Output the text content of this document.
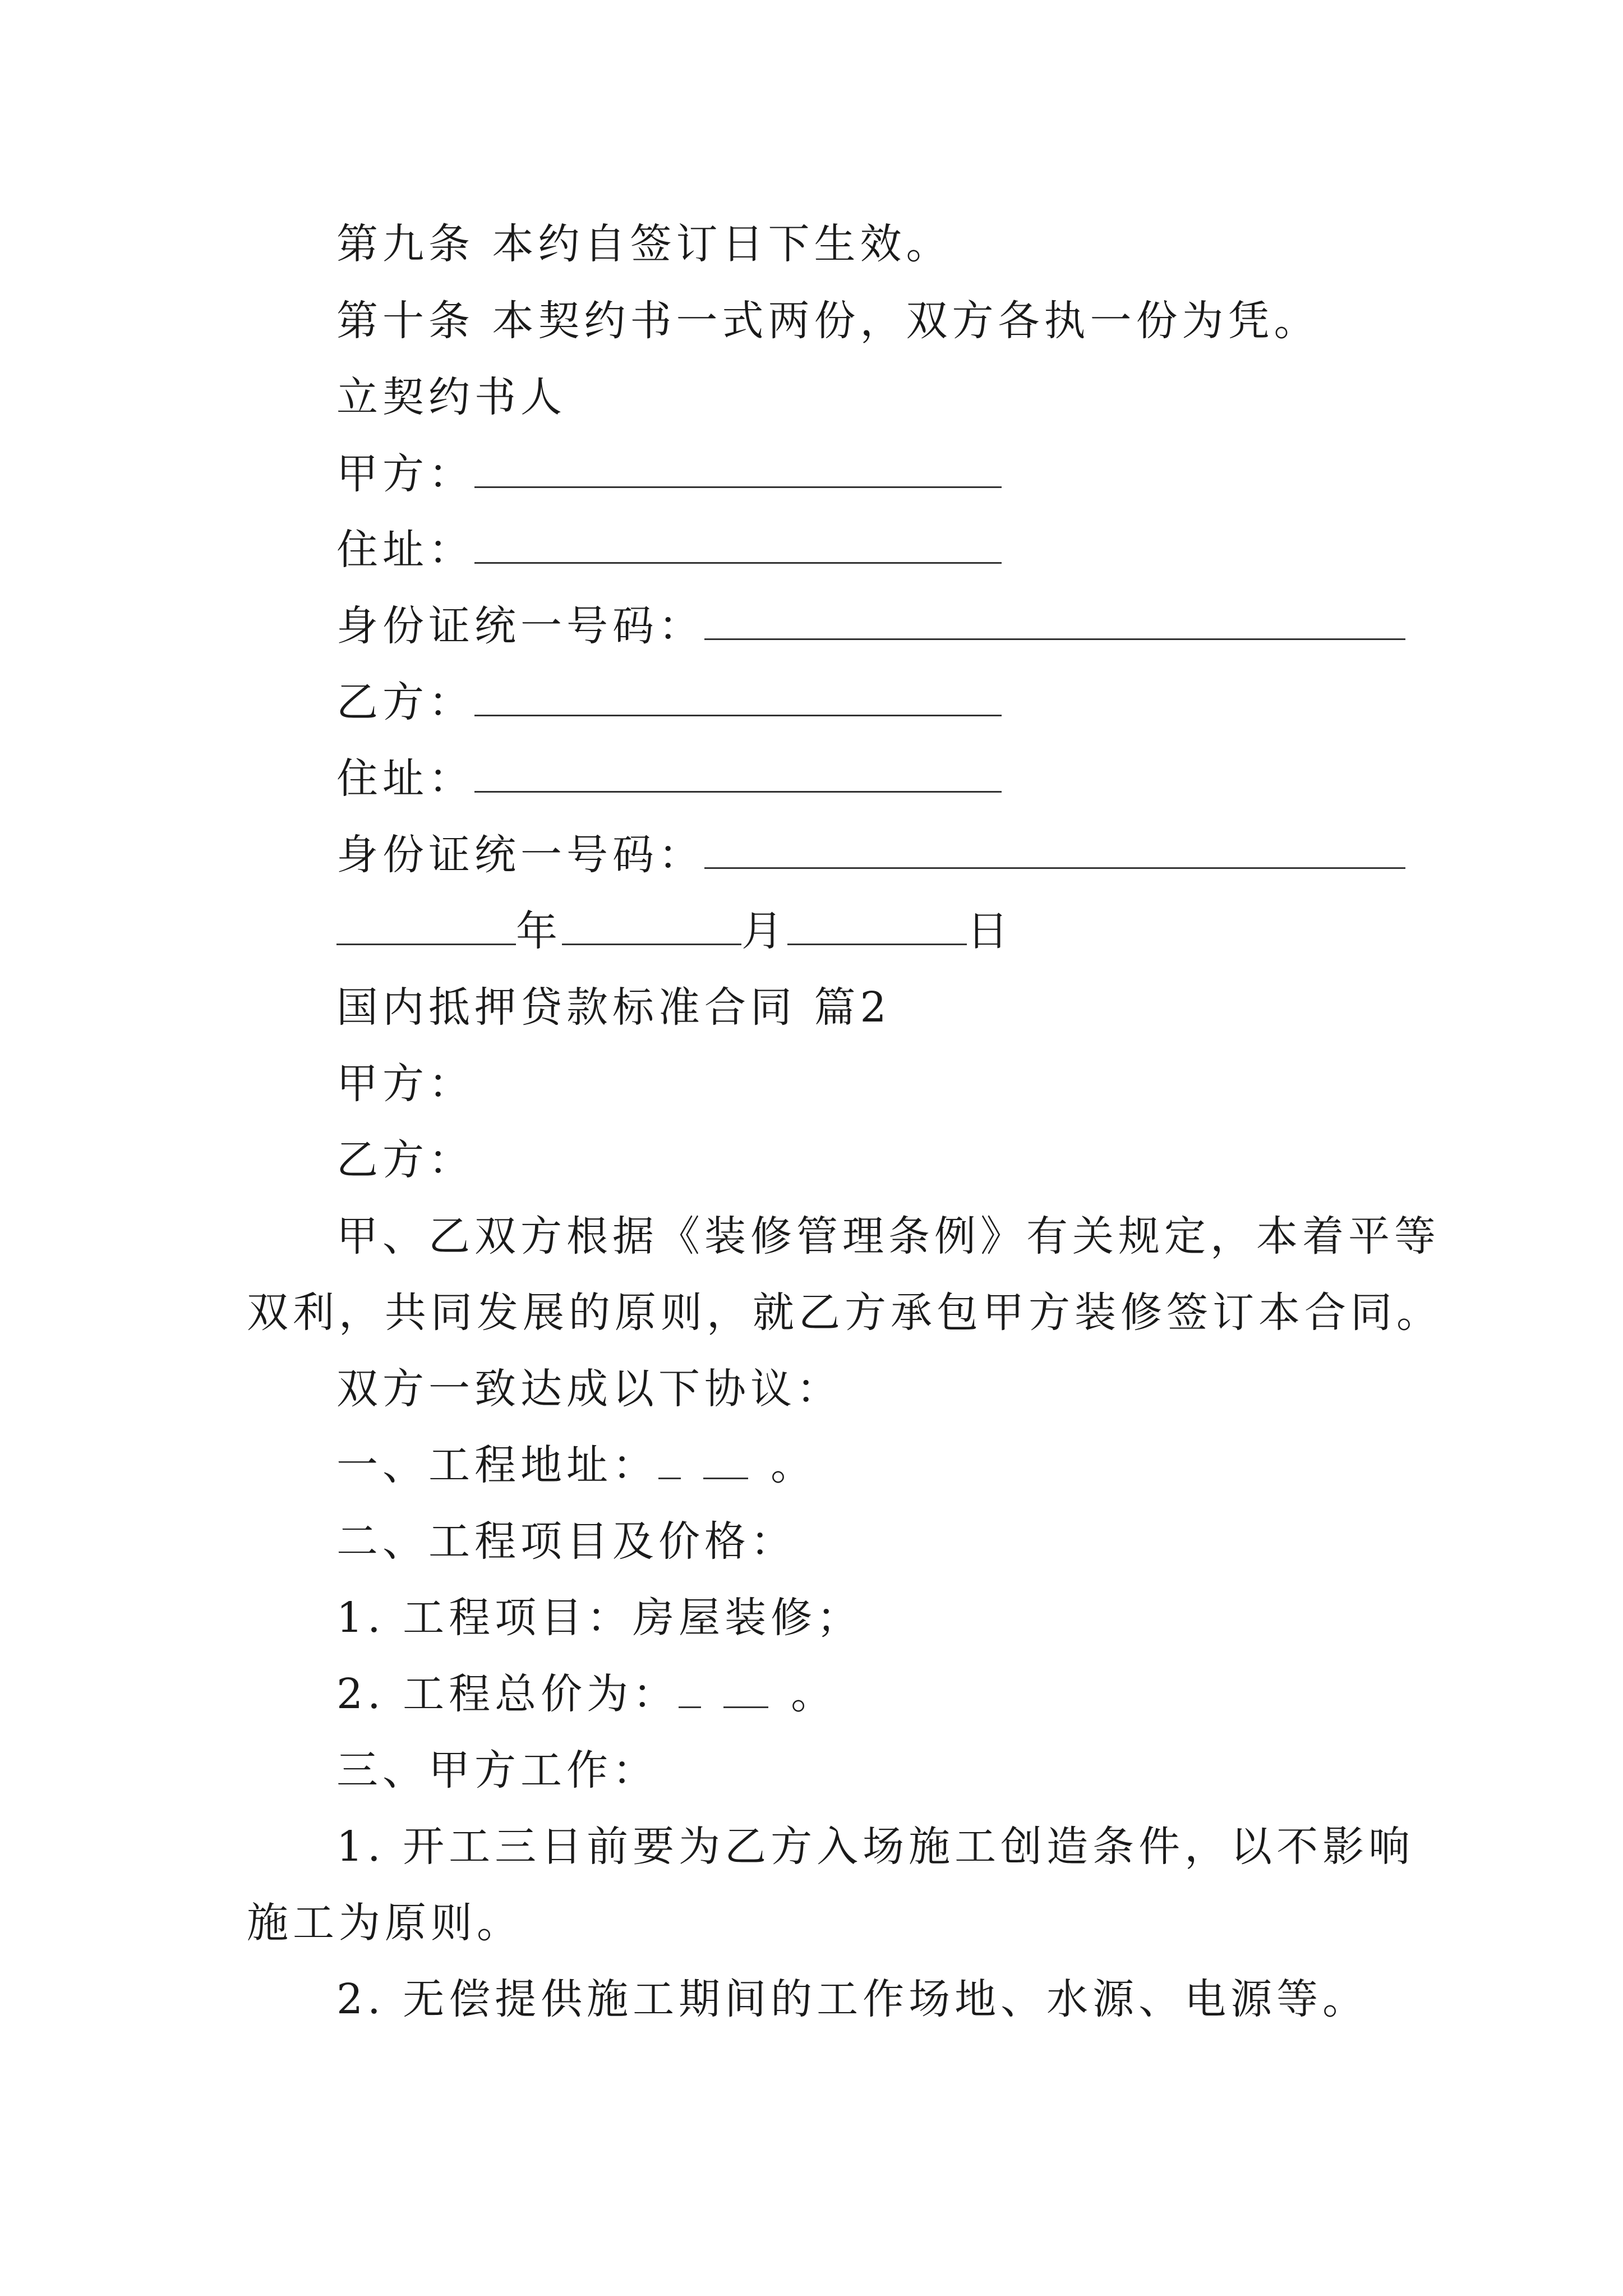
第九条 本约自签订日下生效。
第十条 本契约书一式两份，双方各执一份为凭。
立契约书人
甲方：
住址：
身份证统一号码：
乙方：
住址：
身份证统一号码：
年	月	日
国内抵押贷款标准合同 篇2
甲方：
乙方：
甲、乙双方根据《装修管理条例》有关规定，本着平等
双利，共同发展的原则，就乙方承包甲方装修签订本合同。
双方一致达成以下协议：
一、工程地址：	。
二、工程项目及价格：
1. 工程项目：房屋装修；
2. 工程总价为：	。
三、甲方工作：
1. 开工三日前要为乙方入场施工创造条件，以不影响
施工为原则。
2. 无偿提供施工期间的工作场地、水源、电源等。
